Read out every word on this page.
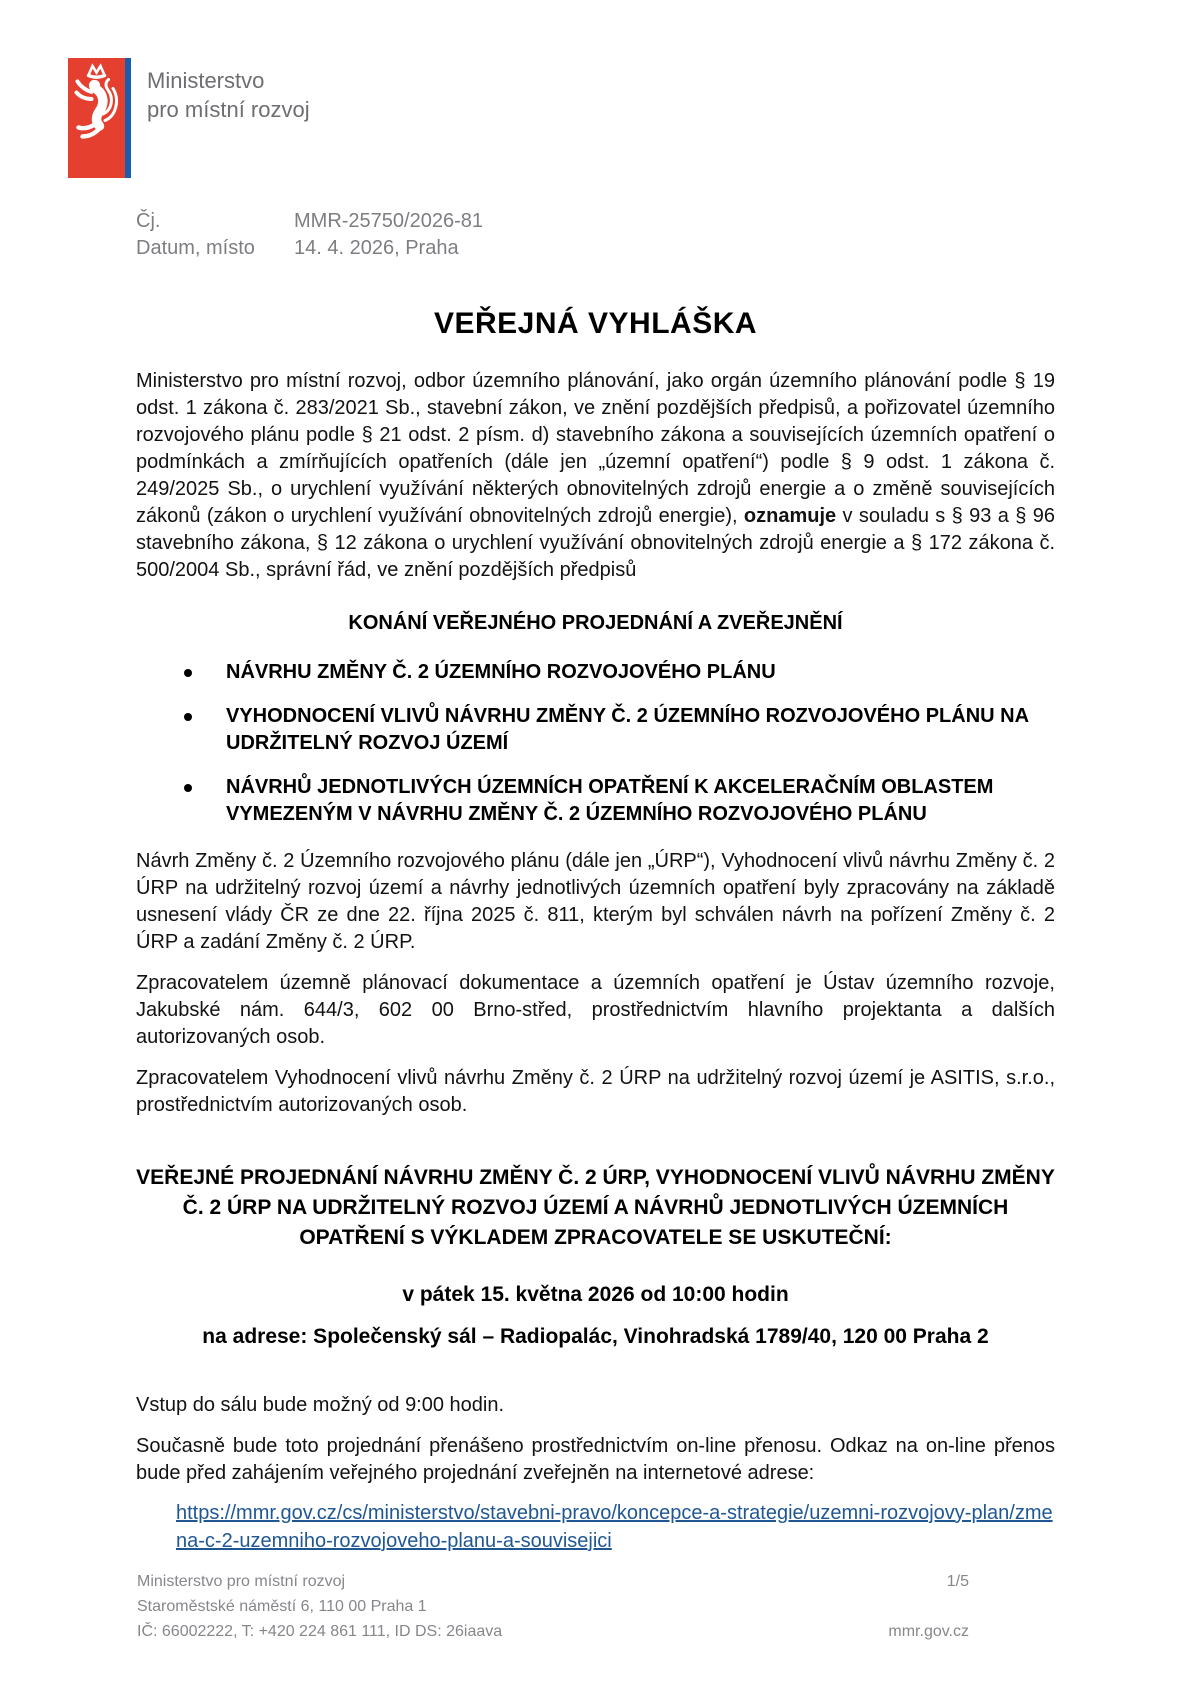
Ministerstvo
pro místní rozvoj
Čj.	MMR-25750/2026-81
Datum, místo	14. 4. 2026, Praha
VEŘEJNÁ VYHLÁŠKA

Ministerstvo pro místní rozvoj, odbor územního plánování, jako orgán územního plánování podle § 19 odst. 1 zákona č. 283/2021 Sb., stavební zákon, ve znění pozdějších předpisů, a pořizovatel územního rozvojového plánu podle § 21 odst. 2 písm. d) stavebního zákona a souvisejících územních opatření o podmínkách a zmírňujících opatřeních (dále jen „územní opatření“) podle § 9 odst. 1 zákona č. 249/2025 Sb., o urychlení využívání některých obnovitelných zdrojů energie a o změně souvisejících zákonů (zákon o urychlení využívání obnovitelných zdrojů energie), oznamuje v souladu s § 93 a § 96 stavebního zákona, § 12 zákona o urychlení využívání obnovitelných zdrojů energie a § 172 zákona č. 500/2004 Sb., správní řád, ve znění pozdějších předpisů

KONÁNÍ VEŘEJNÉHO PROJEDNÁNÍ A ZVEŘEJNĚNÍ
NÁVRHU ZMĚNY Č. 2 ÚZEMNÍHO ROZVOJOVÉHO PLÁNU
VYHODNOCENÍ VLIVŮ NÁVRHU ZMĚNY Č. 2 ÚZEMNÍHO ROZVOJOVÉHO PLÁNU NA UDRŽITELNÝ ROZVOJ ÚZEMÍ
NÁVRHŮ JEDNOTLIVÝCH ÚZEMNÍCH OPATŘENÍ K AKCELERAČNÍM OBLASTEM VYMEZENÝM V NÁVRHU ZMĚNY Č. 2 ÚZEMNÍHO ROZVOJOVÉHO PLÁNU

Návrh Změny č. 2 Územního rozvojového plánu (dále jen „ÚRP“), Vyhodnocení vlivů návrhu Změny č. 2 ÚRP na udržitelný rozvoj území a návrhy jednotlivých územních opatření byly zpracovány na základě usnesení vlády ČR ze dne 22. října 2025 č. 811, kterým byl schválen návrh na pořízení Změny č. 2 ÚRP a zadání Změny č. 2 ÚRP.

Zpracovatelem územně plánovací dokumentace a územních opatření je Ústav územního rozvoje, Jakubské nám. 644/3, 602 00 Brno-střed, prostřednictvím hlavního projektanta a dalších autorizovaných osob.

Zpracovatelem Vyhodnocení vlivů návrhu Změny č. 2 ÚRP na udržitelný rozvoj území je ASITIS, s.r.o., prostřednictvím autorizovaných osob.

VEŘEJNÉ PROJEDNÁNÍ NÁVRHU ZMĚNY Č. 2 ÚRP, VYHODNOCENÍ VLIVŮ NÁVRHU ZMĚNY Č. 2 ÚRP NA UDRŽITELNÝ ROZVOJ ÚZEMÍ A NÁVRHŮ JEDNOTLIVÝCH ÚZEMNÍCH OPATŘENÍ S VÝKLADEM ZPRACOVATELE SE USKUTEČNÍ:

v pátek 15. května 2026 od 10:00 hodin

na adrese: Společenský sál – Radiopalác, Vinohradská 1789/40, 120 00 Praha 2

Vstup do sálu bude možný od 9:00 hodin.

Současně bude toto projednání přenášeno prostřednictvím on-line přenosu. Odkaz na on-line přenos bude před zahájením veřejného projednání zveřejněn na internetové adrese:

https://mmr.gov.cz/cs/ministerstvo/stavebni-pravo/koncepce-a-strategie/uzemni-rozvojovy-plan/zmena-c-2-uzemniho-rozvojoveho-planu-a-souvisejici

Ministerstvo pro místní rozvoj
Staroměstské náměstí 6, 110 00 Praha 1
IČ: 66002222, T: +420 224 861 111, ID DS: 26iaava
1/5
mmr.gov.cz
